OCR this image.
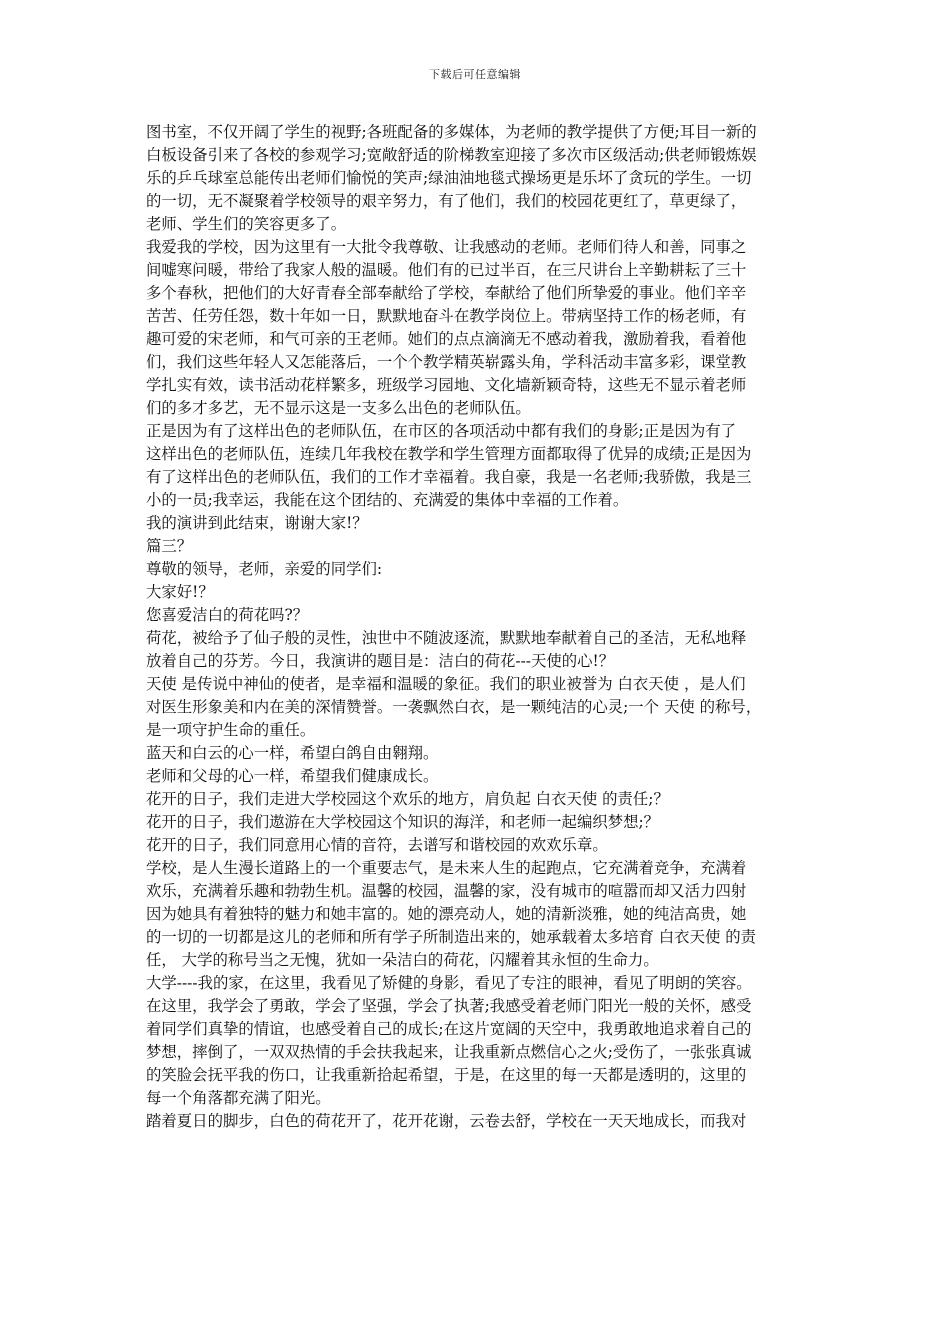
下载后可任意编辑
图书室，不仅开阔了学生的视野;各班配备的多媒体，为老师的教学提供了方便;耳目一新的
白板设备引来了各校的参观学习;宽敞舒适的阶梯教室迎接了多次市区级活动;供老师锻炼娱
乐的乒乓球室总能传出老师们愉悦的笑声;绿油油地毯式操场更是乐坏了贪玩的学生。一切
的一切，无不凝聚着学校领导的艰辛努力，有了他们，我们的校园花更红了，草更绿了，
老师、学生们的笑容更多了。
我爱我的学校，因为这里有一大批令我尊敬、让我感动的老师。老师们待人和善，同事之
间嘘寒问暖，带给了我家人般的温暖。他们有的已过半百，在三尺讲台上辛勤耕耘了三十
多个春秋，把他们的大好青春全部奉献给了学校，奉献给了他们所挚爱的事业。他们辛辛
苦苦、任劳任怨，数十年如一日，默默地奋斗在教学岗位上。带病坚持工作的杨老师，有
趣可爱的宋老师，和气可亲的王老师。她们的点点滴滴无不感动着我，激励着我，看着他
们，我们这些年轻人又怎能落后，一个个教学精英崭露头角，学科活动丰富多彩，课堂教
学扎实有效，读书活动花样繁多，班级学习园地、文化墙新颖奇特，这些无不显示着老师
们的多才多艺，无不显示这是一支多么出色的老师队伍。
正是因为有了这样出色的老师队伍，在市区的各项活动中都有我们的身影;正是因为有了
这样出色的老师队伍，连续几年我校在教学和学生管理方面都取得了优异的成绩;正是因为
有了这样出色的老师队伍，我们的工作才幸福着。我自豪，我是一名老师;我骄傲，我是三
小的一员;我幸运，我能在这个团结的、充满爱的集体中幸福的工作着。
我的演讲到此结束，谢谢大家!？
篇三？
尊敬的领导，老师，亲爱的同学们:
大家好!？
您喜爱洁白的荷花吗?？
荷花，被给予了仙子般的灵性，浊世中不随波逐流，默默地奉献着自己的圣洁，无私地释
放着自己的芬芳。今日，我演讲的题目是：洁白的荷花---天使的心!？
天使 是传说中神仙的使者，是幸福和温暖的象征。我们的职业被誉为 白衣天使 ，是人们
对医生形象美和内在美的深情赞誉。一袭飘然白衣，是一颗纯洁的心灵;一个 天使 的称号，
是一项守护生命的重任。
蓝天和白云的心一样，希望白鸽自由翱翔。
老师和父母的心一样，希望我们健康成长。
花开的日子，我们走进大学校园这个欢乐的地方，肩负起 白衣天使 的责任;？
花开的日子，我们遨游在大学校园这个知识的海洋，和老师一起编织梦想;？
花开的日子，我们同意用心情的音符，去谱写和谐校园的欢欢乐章。
学校，是人生漫长道路上的一个重要志气，是未来人生的起跑点，它充满着竞争，充满着
欢乐，充满着乐趣和勃勃生机。温馨的校园，温馨的家，没有城市的喧嚣而却又活力四射
因为她具有着独特的魅力和她丰富的。她的漂亮动人，她的清新淡雅，她的纯洁高贵，她
的一切的一切都是这儿的老师和所有学子所制造出来的，她承载着太多培育 白衣天使 的责
任， 大学的称号当之无愧，犹如一朵洁白的荷花，闪耀着其永恒的生命力。
大学----我的家，在这里，我看见了矫健的身影，看见了专注的眼神，看见了明朗的笑容。
在这里，我学会了勇敢，学会了坚强，学会了执著;我感受着老师门阳光一般的关怀，感受
着同学们真挚的情谊，也感受着自己的成长;在这片宽阔的天空中，我勇敢地追求着自己的
梦想，摔倒了，一双双热情的手会扶我起来，让我重新点燃信心之火;受伤了，一张张真诚
的笑脸会抚平我的伤口，让我重新拾起希望，于是，在这里的每一天都是透明的，这里的
每一个角落都充满了阳光。
踏着夏日的脚步，白色的荷花开了，花开花谢，云卷去舒，学校在一天天地成长，而我对
